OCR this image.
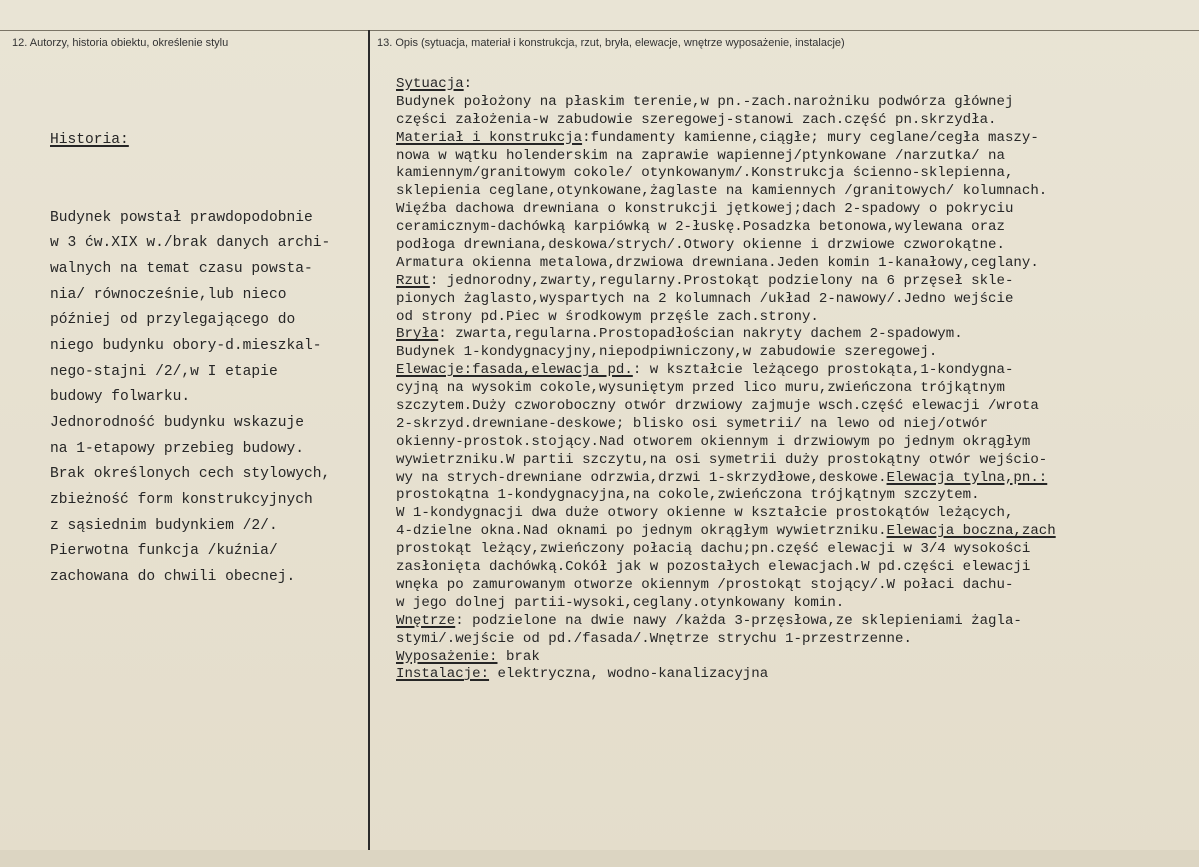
12. Autorzy, historia obiektu, określenie stylu	13. Opis (sytuacja, materiał i konstrukcja, rzut, bryła, elewacje, wnętrze wyposażenie, instalacje)

Historia:

Budynek powstał prawdopodobnie
w 3 ćw.XIX w./brak danych archi-
walnych na temat czasu powsta-
nia/ równocześnie,lub nieco
później od przylegającego do
niego budynku obory-d.mieszkal-
nego-stajni /2/,w I etapie
budowy folwarku.
Jednorodność budynku wskazuje
na 1-etapowy przebieg budowy.
Brak określonych cech stylowych,
zbieżność form konstrukcyjnych
z sąsiednim budynkiem /2/.
Pierwotna funkcja /kuźnia/
zachowana do chwili obecnej.

Sytuacja:
Budynek położony na płaskim terenie,w pn.-zach.narożniku podwórza głównej
części założenia-w zabudowie szeregowej-stanowi zach.część pn.skrzydła.
Materiał i konstrukcja:fundamenty kamienne,ciągłe; mury ceglane/cegła maszy-
nowa w wątku holenderskim na zaprawie wapiennej/ptynkowane /narzutka/ na
kamiennym/granitowym cokole/ otynkowanym/.Konstrukcja ścienno-sklepienna,
sklepienia ceglane,otynkowane,żaglaste na kamiennych /granitowych/ kolumnach.
Więźba dachowa drewniana o konstrukcji jętkowej;dach 2-spadowy o pokryciu
ceramicznym-dachówką karpiówką w 2-łuskę.Posadzka betonowa,wylewana oraz
podłoga drewniana,deskowa/strych/.Otwory okienne i drzwiowe czworokątne.
Armatura okienna metalowa,drzwiowa drewniana.Jeden komin 1-kanałowy,ceglany.
Rzut: jednorodny,zwarty,regularny.Prostokąt podzielony na 6 przęseł skle-
pionych żaglasto,wyspartych na 2 kolumnach /układ 2-nawowy/.Jedno wejście
od strony pd.Piec w środkowym przęśle zach.strony.
Bryła: zwarta,regularna.Prostopadłościan nakryty dachem 2-spadowym.
Budynek 1-kondygnacyjny,niepodpiwniczony,w zabudowie szeregowej.
Elewacje:fasada,elewacja pd.: w kształcie leżącego prostokąta,1-kondygna-
cyjną na wysokim cokole,wysuniętym przed lico muru,zwieńczona trójkątnym
szczytem.Duży czworoboczny otwór drzwiowy zajmuje wsch.część elewacji /wrota
2-skrzyd.drewniane-deskowe; blisko osi symetrii/ na lewo od niej/otwór
okienny-prostok.stojący.Nad otworem okiennym i drzwiowym po jednym okrągłym
wywietrzniku.W partii szczytu,na osi symetrii duży prostokątny otwór wejścio-
wy na strych-drewniane odrzwia,drzwi 1-skrzydłowe,deskowe.Elewacja tylna,pn.:
prostokątna 1-kondygnacyjna,na cokole,zwieńczona trójkątnym szczytem.
W 1-kondygnacji dwa duże otwory okienne w kształcie prostokątów leżących,
4-dzielne okna.Nad oknami po jednym okrągłym wywietrzniku.Elewacja boczna,zach
prostokąt leżący,zwieńczony połacią dachu;pn.część elewacji w 3/4 wysokości
zasłonięta dachówką.Cokół jak w pozostałych elewacjach.W pd.części elewacji
wnęka po zamurowanym otworze okiennym /prostokąt stojący/.W połaci dachu-
w jego dolnej partii-wysoki,ceglany.otynkowany komin.
Wnętrze: podzielone na dwie nawy /każda 3-przęsłowa,ze sklepieniami żagla-
stymi/.wejście od pd./fasada/.Wnętrze strychu 1-przestrzenne.
Wyposażenie: brak
Instalacje: elektryczna, wodno-kanalizacyjna
